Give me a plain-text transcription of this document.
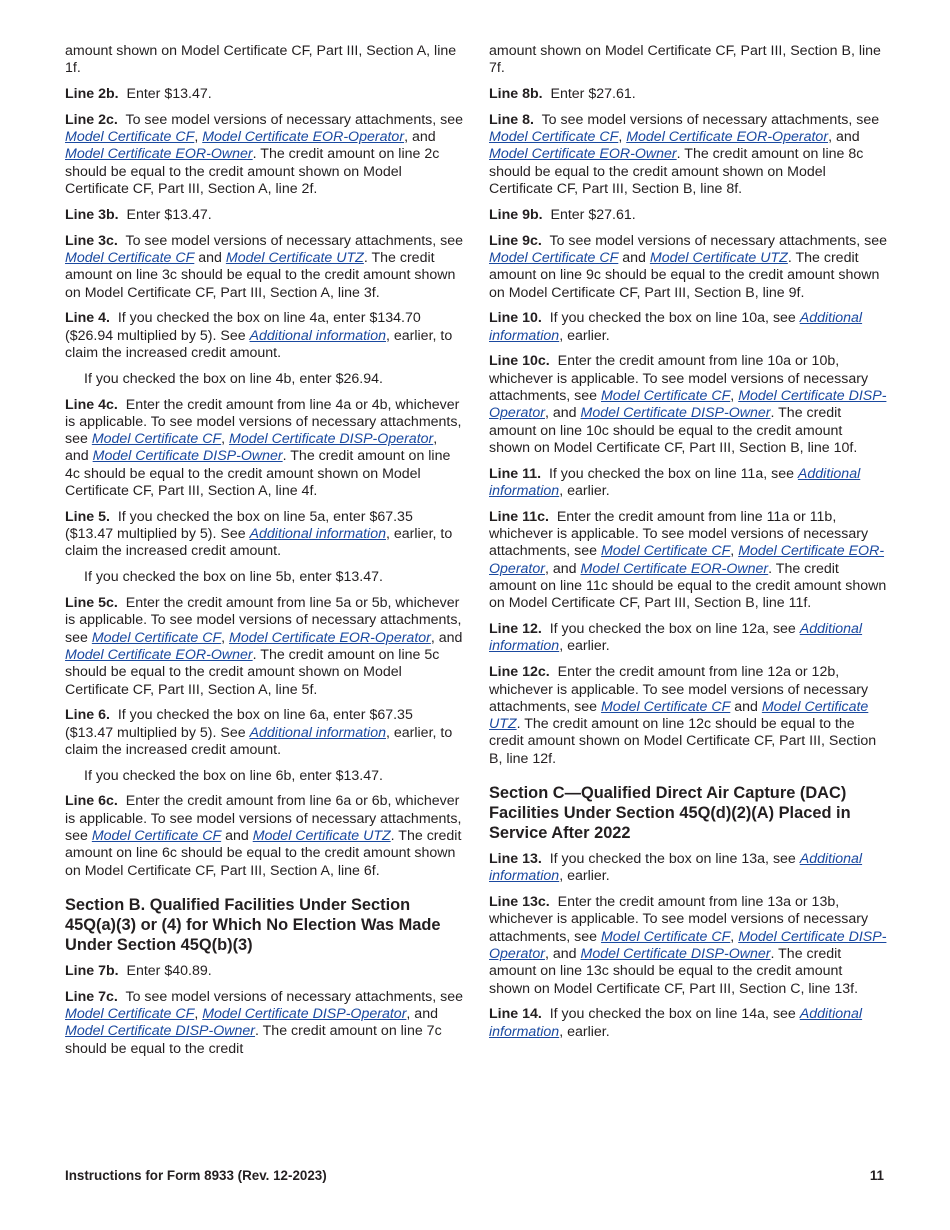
amount shown on Model Certificate CF, Part III, Section A, line 1f.

Line 2b. Enter $13.47.

Line 2c. To see model versions of necessary attachments, see Model Certificate CF, Model Certificate EOR-Operator, and Model Certificate EOR-Owner. The credit amount on line 2c should be equal to the credit amount shown on Model Certificate CF, Part III, Section A, line 2f.

Line 3b. Enter $13.47.

Line 3c. To see model versions of necessary attachments, see Model Certificate CF and Model Certificate UTZ. The credit amount on line 3c should be equal to the credit amount shown on Model Certificate CF, Part III, Section A, line 3f.

Line 4. If you checked the box on line 4a, enter $134.70 ($26.94 multiplied by 5). See Additional information, earlier, to claim the increased credit amount.

If you checked the box on line 4b, enter $26.94.

Line 4c. Enter the credit amount from line 4a or 4b, whichever is applicable. To see model versions of necessary attachments, see Model Certificate CF, Model Certificate DISP-Operator, and Model Certificate DISP-Owner. The credit amount on line 4c should be equal to the credit amount shown on Model Certificate CF, Part III, Section A, line 4f.

Line 5. If you checked the box on line 5a, enter $67.35 ($13.47 multiplied by 5). See Additional information, earlier, to claim the increased credit amount.

If you checked the box on line 5b, enter $13.47.

Line 5c. Enter the credit amount from line 5a or 5b, whichever is applicable. To see model versions of necessary attachments, see Model Certificate CF, Model Certificate EOR-Operator, and Model Certificate EOR-Owner. The credit amount on line 5c should be equal to the credit amount shown on Model Certificate CF, Part III, Section A, line 5f.

Line 6. If you checked the box on line 6a, enter $67.35 ($13.47 multiplied by 5). See Additional information, earlier, to claim the increased credit amount.

If you checked the box on line 6b, enter $13.47.

Line 6c. Enter the credit amount from line 6a or 6b, whichever is applicable. To see model versions of necessary attachments, see Model Certificate CF and Model Certificate UTZ. The credit amount on line 6c should be equal to the credit amount shown on Model Certificate CF, Part III, Section A, line 6f.

Section B. Qualified Facilities Under Section 45Q(a)(3) or (4) for Which No Election Was Made Under Section 45Q(b)(3)

Line 7b. Enter $40.89.

Line 7c. To see model versions of necessary attachments, see Model Certificate CF, Model Certificate DISP-Operator, and Model Certificate DISP-Owner. The credit amount on line 7c should be equal to the credit

amount shown on Model Certificate CF, Part III, Section B, line 7f.

Line 8b. Enter $27.61.

Line 8. To see model versions of necessary attachments, see Model Certificate CF, Model Certificate EOR-Operator, and Model Certificate EOR-Owner. The credit amount on line 8c should be equal to the credit amount shown on Model Certificate CF, Part III, Section B, line 8f.

Line 9b. Enter $27.61.

Line 9c. To see model versions of necessary attachments, see Model Certificate CF and Model Certificate UTZ. The credit amount on line 9c should be equal to the credit amount shown on Model Certificate CF, Part III, Section B, line 9f.

Line 10. If you checked the box on line 10a, see Additional information, earlier.

Line 10c. Enter the credit amount from line 10a or 10b, whichever is applicable. To see model versions of necessary attachments, see Model Certificate CF, Model Certificate DISP-Operator, and Model Certificate DISP-Owner. The credit amount on line 10c should be equal to the credit amount shown on Model Certificate CF, Part III, Section B, line 10f.

Line 11. If you checked the box on line 11a, see Additional information, earlier.

Line 11c. Enter the credit amount from line 11a or 11b, whichever is applicable. To see model versions of necessary attachments, see Model Certificate CF, Model Certificate EOR-Operator, and Model Certificate EOR-Owner. The credit amount on line 11c should be equal to the credit amount shown on Model Certificate CF, Part III, Section B, line 11f.

Line 12. If you checked the box on line 12a, see Additional information, earlier.

Line 12c. Enter the credit amount from line 12a or 12b, whichever is applicable. To see model versions of necessary attachments, see Model Certificate CF and Model Certificate UTZ. The credit amount on line 12c should be equal to the credit amount shown on Model Certificate CF, Part III, Section B, line 12f.

Section C—Qualified Direct Air Capture (DAC) Facilities Under Section 45Q(d)(2)(A) Placed in Service After 2022

Line 13. If you checked the box on line 13a, see Additional information, earlier.

Line 13c. Enter the credit amount from line 13a or 13b, whichever is applicable. To see model versions of necessary attachments, see Model Certificate CF, Model Certificate DISP-Operator, and Model Certificate DISP-Owner. The credit amount on line 13c should be equal to the credit amount shown on Model Certificate CF, Part III, Section C, line 13f.

Line 14. If you checked the box on line 14a, see Additional information, earlier.

Instructions for Form 8933 (Rev. 12-2023)	11
